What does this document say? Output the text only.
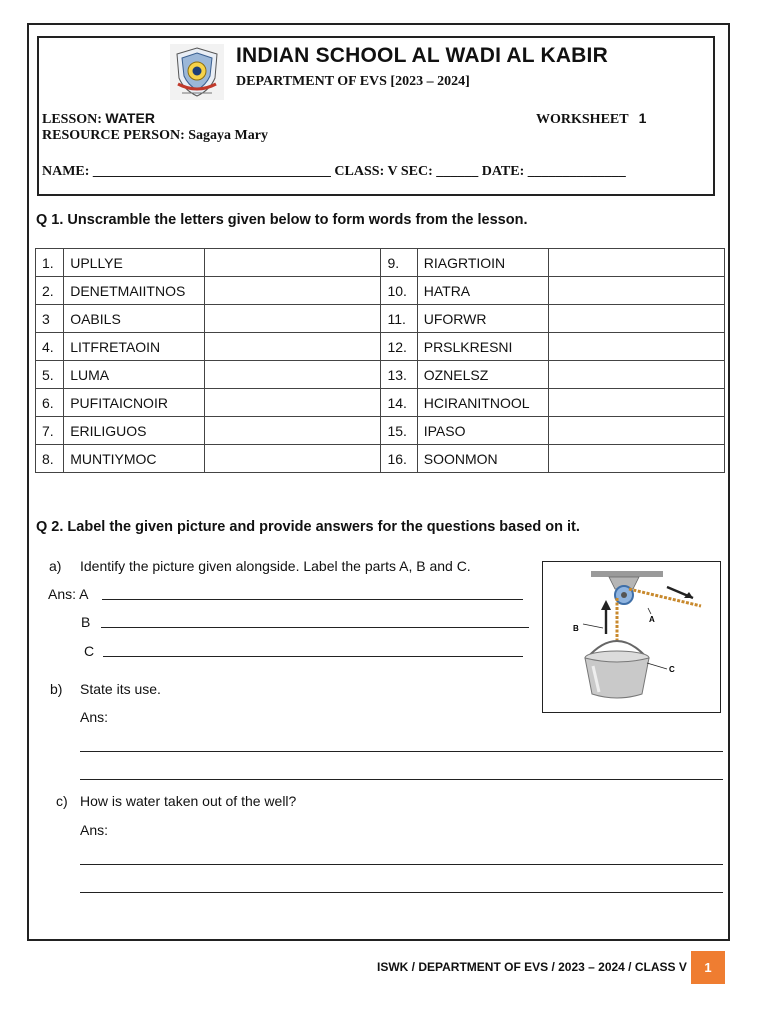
INDIAN SCHOOL AL WADI AL KABIR
DEPARTMENT OF EVS [2023 – 2024]
LESSON: WATER
RESOURCE PERSON: Sagaya Mary
WORKSHEET 1
NAME: __________________________________ CLASS: V SEC: ______ DATE: ______________
Q 1. Unscramble the letters given below to form words from the lesson.
1.	UPLLYE		9.	RIAGRTIOIN	
2.	DENETMAIITNOS		10.	HATRA	
3	OABILS		11.	UFORWR	
4.	LITFRETAOIN		12.	PRSLKRESNI	
5.	LUMA		13.	OZNELSZ	
6.	PUFITAICNOIR		14.	HCIRANITNOOL	
7.	ERILIGUOS		15.	IPASO	
8.	MUNTIYMOC		16.	SOONMON	
Q 2. Label the given picture and provide answers for the questions based on it.
a) Identify the picture given alongside. Label the parts A, B and C.
Ans: A
B
C
b) State its use.
Ans:
c) How is water taken out of the well?
Ans:
A
B
C
ISWK / DEPARTMENT OF EVS / 2023 – 2024 / CLASS V	1
